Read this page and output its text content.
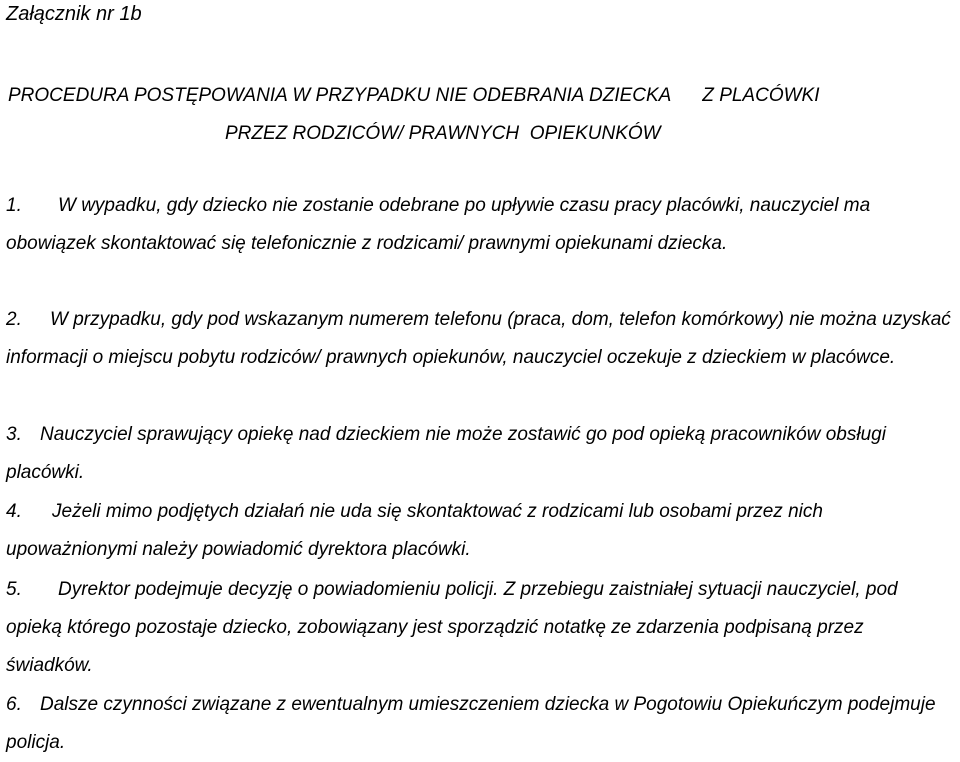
Załącznik nr 1b

PROCEDURA POSTĘPOWANIA W PRZYPADKU NIE ODEBRANIA DZIECKA      Z PLACÓWKI
PRZEZ RODZICÓW/ PRAWNYCH  OPIEKUNKÓW

1. W wypadku, gdy dziecko nie zostanie odebrane po upływie czasu pracy placówki, nauczyciel ma obowiązek skontaktować się telefonicznie z rodzicami/ prawnymi opiekunami dziecka.

2. W przypadku, gdy pod wskazanym numerem telefonu (praca, dom, telefon komórkowy) nie można uzyskać informacji o miejscu pobytu rodziców/ prawnych opiekunów, nauczyciel oczekuje z dzieckiem w placówce.

3. Nauczyciel sprawujący opiekę nad dzieckiem nie może zostawić go pod opieką pracowników obsługi placówki.

4. Jeżeli mimo podjętych działań nie uda się skontaktować z rodzicami lub osobami przez nich upoważnionymi należy powiadomić dyrektora placówki.

5. Dyrektor podejmuje decyzję o powiadomieniu policji. Z przebiegu zaistniałej sytuacji nauczyciel, pod opieką którego pozostaje dziecko, zobowiązany jest sporządzić notatkę ze zdarzenia podpisaną przez świadków.

6. Dalsze czynności związane z ewentualnym umieszczeniem dziecka w Pogotowiu Opiekuńczym podejmuje policja.
